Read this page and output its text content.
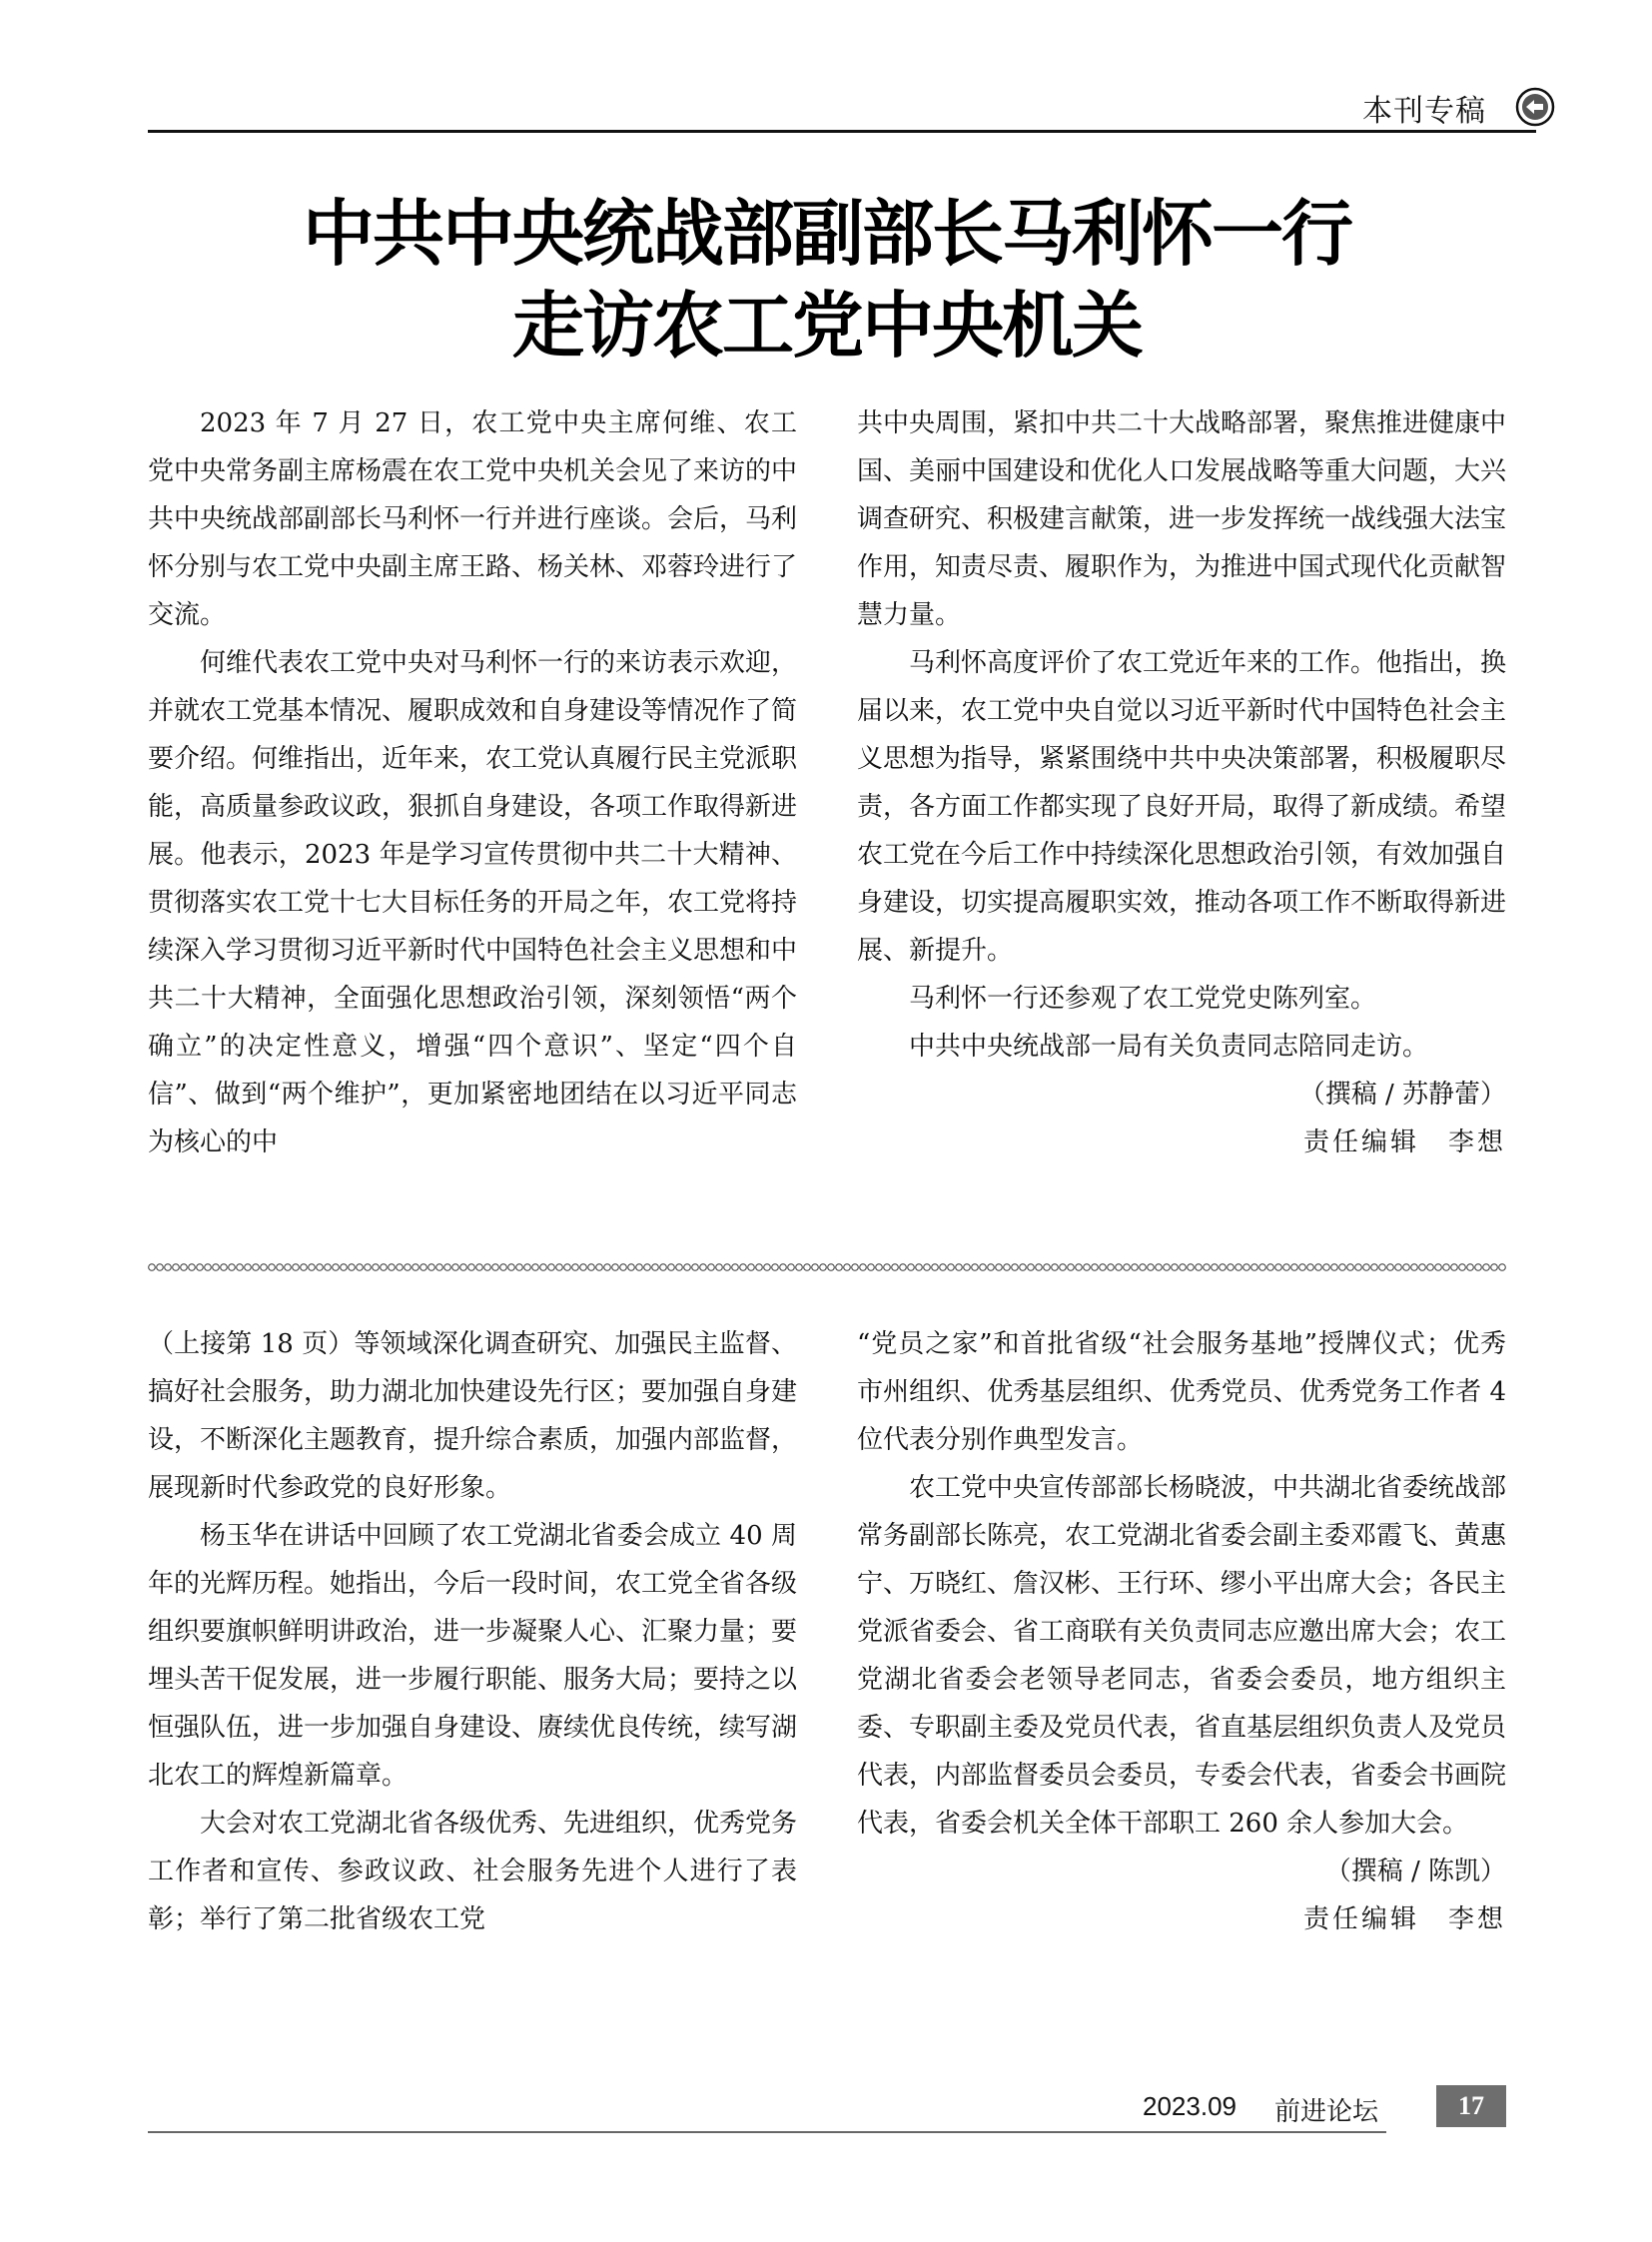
本刊专稿
中共中央统战部副部长马利怀一行
走访农工党中央机关

2023 年 7 月 27 日，农工党中央主席何维、农工党中央常务副主席杨震在农工党中央机关会见了来访的中共中央统战部副部长马利怀一行并进行座谈。会后，马利怀分别与农工党中央副主席王路、杨关林、邓蓉玲进行了交流。

何维代表农工党中央对马利怀一行的来访表示欢迎，并就农工党基本情况、履职成效和自身建设等情况作了简要介绍。何维指出，近年来，农工党认真履行民主党派职能，高质量参政议政，狠抓自身建设，各项工作取得新进展。他表示，2023 年是学习宣传贯彻中共二十大精神、贯彻落实农工党十七大目标任务的开局之年，农工党将持续深入学习贯彻习近平新时代中国特色社会主义思想和中共二十大精神，全面强化思想政治引领，深刻领悟“两个确立”的决定性意义，增强“四个意识”、坚定“四个自信”、做到“两个维护”，更加紧密地团结在以习近平同志为核心的中

共中央周围，紧扣中共二十大战略部署，聚焦推进健康中国、美丽中国建设和优化人口发展战略等重大问题，大兴调查研究、积极建言献策，进一步发挥统一战线强大法宝作用，知责尽责、履职作为，为推进中国式现代化贡献智慧力量。

马利怀高度评价了农工党近年来的工作。他指出，换届以来，农工党中央自觉以习近平新时代中国特色社会主义思想为指导，紧紧围绕中共中央决策部署，积极履职尽责，各方面工作都实现了良好开局，取得了新成绩。希望农工党在今后工作中持续深化思想政治引领，有效加强自身建设，切实提高履职实效，推动各项工作不断取得新进展、新提升。

马利怀一行还参观了农工党党史陈列室。

中共中央统战部一局有关负责同志陪同走访。

（撰稿 / 苏静蕾）

责任编辑　李想

（上接第 18 页）等领域深化调查研究、加强民主监督、搞好社会服务，助力湖北加快建设先行区；要加强自身建设，不断深化主题教育，提升综合素质，加强内部监督，展现新时代参政党的良好形象。

杨玉华在讲话中回顾了农工党湖北省委会成立 40 周年的光辉历程。她指出，今后一段时间，农工党全省各级组织要旗帜鲜明讲政治，进一步凝聚人心、汇聚力量；要埋头苦干促发展，进一步履行职能、服务大局；要持之以恒强队伍，进一步加强自身建设、赓续优良传统，续写湖北农工的辉煌新篇章。

大会对农工党湖北省各级优秀、先进组织，优秀党务工作者和宣传、参政议政、社会服务先进个人进行了表彰；举行了第二批省级农工党

“党员之家”和首批省级“社会服务基地”授牌仪式；优秀市州组织、优秀基层组织、优秀党员、优秀党务工作者 4 位代表分别作典型发言。

农工党中央宣传部部长杨晓波，中共湖北省委统战部常务副部长陈亮，农工党湖北省委会副主委邓霞飞、黄惠宁、万晓红、詹汉彬、王行环、缪小平出席大会；各民主党派省委会、省工商联有关负责同志应邀出席大会；农工党湖北省委会老领导老同志，省委会委员，地方组织主委、专职副主委及党员代表，省直基层组织负责人及党员代表，内部监督委员会委员，专委会代表，省委会书画院代表，省委会机关全体干部职工 260 余人参加大会。

（撰稿 / 陈凯）

责任编辑　李想

2023.09 前进论坛	17
